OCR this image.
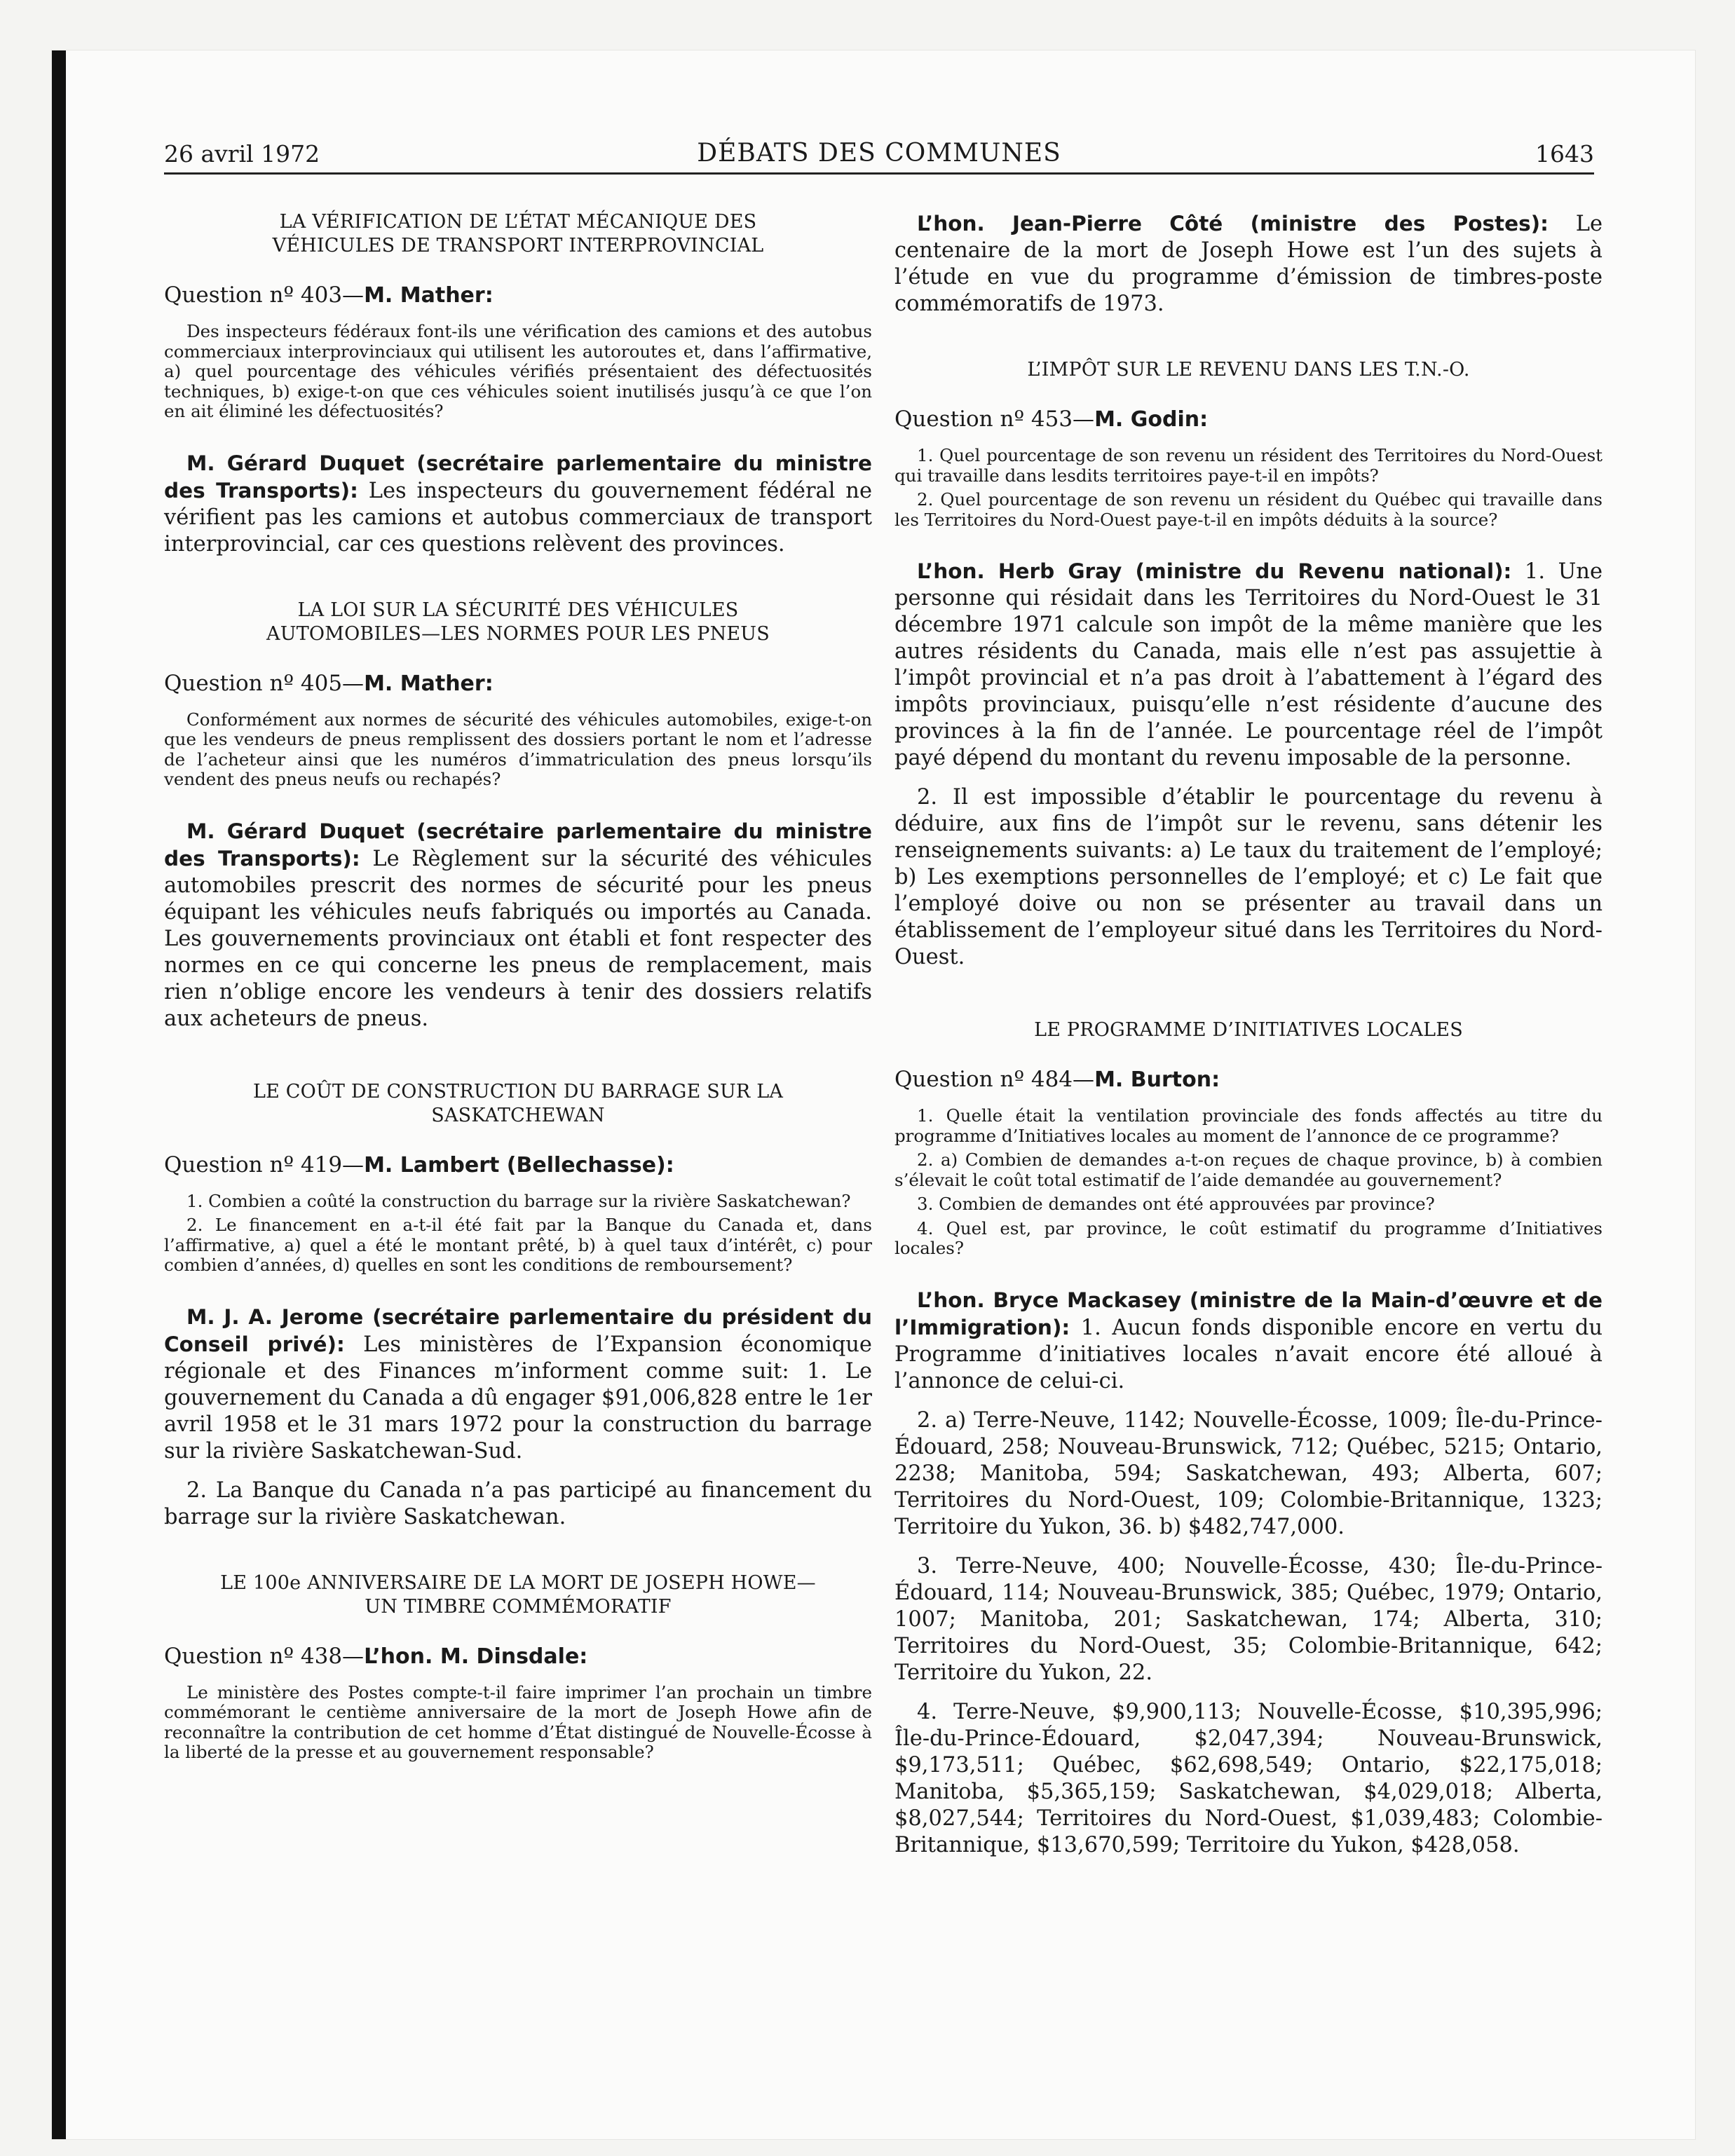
26 avril 1972	DÉBATS DES COMMUNES	1643
LA VÉRIFICATION DE L’ÉTAT MÉCANIQUE DES
VÉHICULES DE TRANSPORT INTERPROVINCIAL

Question nº 403—M. Mather:

Des inspecteurs fédéraux font-ils une vérification des camions et des autobus commerciaux interprovinciaux qui utilisent les autoroutes et, dans l’affirmative, a) quel pourcentage des véhicules vérifiés présentaient des défectuosités techniques, b) exige-t-on que ces véhicules soient inutilisés jusqu’à ce que l’on en ait éliminé les défectuosités?

M. Gérard Duquet (secrétaire parlementaire du ministre des Transports): Les inspecteurs du gouvernement fédéral ne vérifient pas les camions et autobus commerciaux de transport interprovincial, car ces questions relèvent des provinces.

LA LOI SUR LA SÉCURITÉ DES VÉHICULES
AUTOMOBILES—LES NORMES POUR LES PNEUS

Question nº 405—M. Mather:

Conformément aux normes de sécurité des véhicules automobiles, exige-t-on que les vendeurs de pneus remplissent des dossiers portant le nom et l’adresse de l’acheteur ainsi que les numéros d’immatriculation des pneus lorsqu’ils vendent des pneus neufs ou rechapés?

M. Gérard Duquet (secrétaire parlementaire du ministre des Transports): Le Règlement sur la sécurité des véhicules automobiles prescrit des normes de sécurité pour les pneus équipant les véhicules neufs fabriqués ou importés au Canada. Les gouvernements provinciaux ont établi et font respecter des normes en ce qui concerne les pneus de remplacement, mais rien n’oblige encore les vendeurs à tenir des dossiers relatifs aux acheteurs de pneus.

LE COÛT DE CONSTRUCTION DU BARRAGE SUR LA
SASKATCHEWAN

Question nº 419—M. Lambert (Bellechasse):

1. Combien a coûté la construction du barrage sur la rivière Saskatchewan?

2. Le financement en a-t-il été fait par la Banque du Canada et, dans l’affirmative, a) quel a été le montant prêté, b) à quel taux d’intérêt, c) pour combien d’années, d) quelles en sont les conditions de remboursement?

M. J. A. Jerome (secrétaire parlementaire du président du Conseil privé): Les ministères de l’Expansion économique régionale et des Finances m’informent comme suit: 1. Le gouvernement du Canada a dû engager $91,006,828 entre le 1er avril 1958 et le 31 mars 1972 pour la construction du barrage sur la rivière Saskatchewan-Sud.

2. La Banque du Canada n’a pas participé au financement du barrage sur la rivière Saskatchewan.

LE 100e ANNIVERSAIRE DE LA MORT DE JOSEPH HOWE—
UN TIMBRE COMMÉMORATIF

Question nº 438—L’hon. M. Dinsdale:

Le ministère des Postes compte-t-il faire imprimer l’an prochain un timbre commémorant le centième anniversaire de la mort de Joseph Howe afin de reconnaître la contribution de cet homme d’État distingué de Nouvelle-Écosse à la liberté de la presse et au gouvernement responsable?

L’hon. Jean-Pierre Côté (ministre des Postes): Le centenaire de la mort de Joseph Howe est l’un des sujets à l’étude en vue du programme d’émission de timbres-poste commémoratifs de 1973.

L’IMPÔT SUR LE REVENU DANS LES T.N.-O.

Question nº 453—M. Godin:

1. Quel pourcentage de son revenu un résident des Territoires du Nord-Ouest qui travaille dans lesdits territoires paye-t-il en impôts?

2. Quel pourcentage de son revenu un résident du Québec qui travaille dans les Territoires du Nord-Ouest paye-t-il en impôts déduits à la source?

L’hon. Herb Gray (ministre du Revenu national): 1. Une personne qui résidait dans les Territoires du Nord-Ouest le 31 décembre 1971 calcule son impôt de la même manière que les autres résidents du Canada, mais elle n’est pas assujettie à l’impôt provincial et n’a pas droit à l’abattement à l’égard des impôts provinciaux, puisqu’elle n’est résidente d’aucune des provinces à la fin de l’année. Le pourcentage réel de l’impôt payé dépend du montant du revenu imposable de la personne.

2. Il est impossible d’établir le pourcentage du revenu à déduire, aux fins de l’impôt sur le revenu, sans détenir les renseignements suivants: a) Le taux du traitement de l’employé; b) Les exemptions personnelles de l’employé; et c) Le fait que l’employé doive ou non se présenter au travail dans un établissement de l’employeur situé dans les Territoires du Nord-Ouest.

LE PROGRAMME D’INITIATIVES LOCALES

Question nº 484—M. Burton:

1. Quelle était la ventilation provinciale des fonds affectés au titre du programme d’Initiatives locales au moment de l’annonce de ce programme?

2. a) Combien de demandes a-t-on reçues de chaque province, b) à combien s’élevait le coût total estimatif de l’aide demandée au gouvernement?

3. Combien de demandes ont été approuvées par province?

4. Quel est, par province, le coût estimatif du programme d’Initiatives locales?

L’hon. Bryce Mackasey (ministre de la Main-d’œuvre et de l’Immigration): 1. Aucun fonds disponible encore en vertu du Programme d’initiatives locales n’avait encore été alloué à l’annonce de celui-ci.

2. a) Terre-Neuve, 1142; Nouvelle-Écosse, 1009; Île-du-Prince-Édouard, 258; Nouveau-Brunswick, 712; Québec, 5215; Ontario, 2238; Manitoba, 594; Saskatchewan, 493; Alberta, 607; Territoires du Nord-Ouest, 109; Colombie-Britannique, 1323; Territoire du Yukon, 36. b) $482,747,000.

3. Terre-Neuve, 400; Nouvelle-Écosse, 430; Île-du-Prince-Édouard, 114; Nouveau-Brunswick, 385; Québec, 1979; Ontario, 1007; Manitoba, 201; Saskatchewan, 174; Alberta, 310; Territoires du Nord-Ouest, 35; Colombie-Britannique, 642; Territoire du Yukon, 22.

4. Terre-Neuve, $9,900,113; Nouvelle-Écosse, $10,395,996; Île-du-Prince-Édouard, $2,047,394; Nouveau-Brunswick, $9,173,511; Québec, $62,698,549; Ontario, $22,175,018; Manitoba, $5,365,159; Saskatchewan, $4,029,018; Alberta, $8,027,544; Territoires du Nord-Ouest, $1,039,483; Colombie-Britannique, $13,670,599; Territoire du Yukon, $428,058.
